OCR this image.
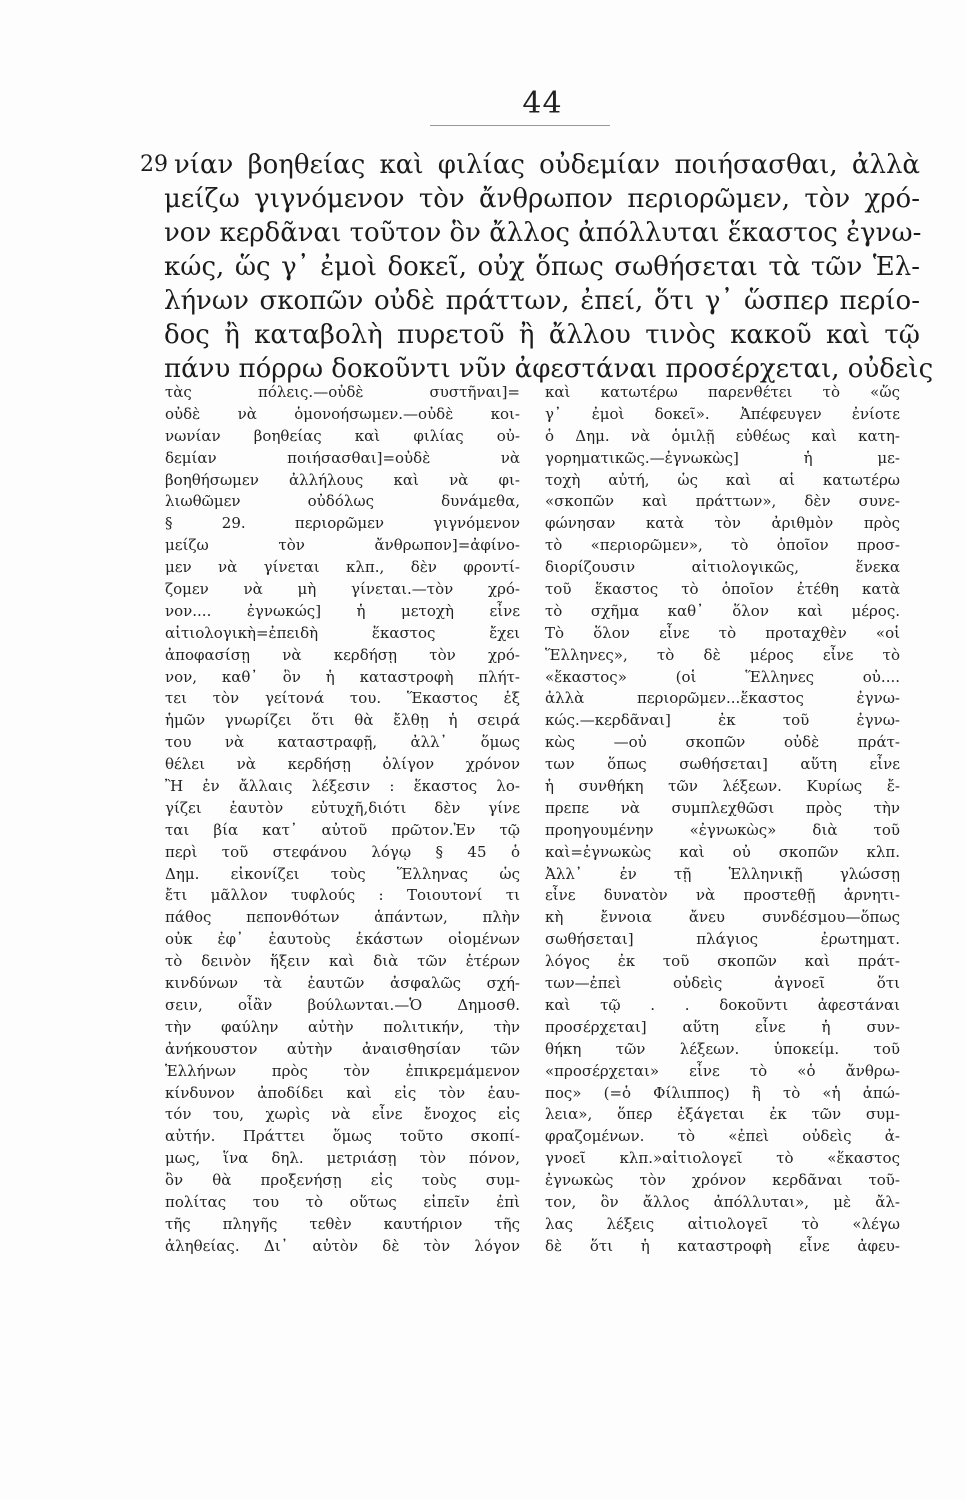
44
29 νίαν βοηθείας καὶ φιλίας οὐδεμίαν ποιήσασθαι, ἀλλὰ
μείζω γιγνόμενον τὸν ἄνθρωπον περιορῶμεν, τὸν χρό-
νον κερδᾶναι τοῦτον ὃν ἄλλος ἀπόλλυται ἕκαστος ἐγνω-
κώς, ὥς γ᾽ ἐμοὶ δοκεῖ, οὐχ ὅπως σωθήσεται τὰ τῶν Ἑλ-
λήνων σκοπῶν οὐδὲ πράττων, ἐπεί, ὅτι γ᾽ ὥσπερ περίο-
δος ἢ καταβολὴ πυρετοῦ ἢ ἄλλου τινὸς κακοῦ καὶ τῷ
πάνυ πόρρω δοκοῦντι νῦν ἀφεστάναι προσέρχεται, οὐδεὶς
τὰς πόλεις.—οὐδὲ συστῆναι]=
οὐδὲ νὰ ὁμονοήσωμεν.—οὐδὲ κοι-
νωνίαν βοηθείας καὶ φιλίας οὐ-
δεμίαν ποιήσασθαι]=οὐδὲ νὰ
βοηθήσωμεν ἀλλήλους καὶ νὰ φι-
λιωθῶμεν οὐδόλως δυνάμεθα,
§ 29. περιορῶμεν γιγνόμενον
μείζω τὸν ἄνθρωπον]=ἀφίνο-
μεν νὰ γίνεται κλπ., δὲν φροντί-
ζομεν νὰ μὴ γίνεται.—τὸν χρό-
νον.... ἐγνωκώς] ἡ μετοχὴ εἶνε
αἰτιολογικὴ=ἐπειδὴ ἕκαστος ἔχει
ἀποφασίσῃ νὰ κερδήσῃ τὸν χρό-
νον, καθ᾽ ὃν ἡ καταστροφὴ πλήτ-
τει τὸν γείτονά του. Ἕκαστος ἐξ
ἡμῶν γνωρίζει ὅτι θὰ ἔλθῃ ἡ σειρά
του νὰ καταστραφῇ, ἀλλ᾽ ὅμως
θέλει νὰ κερδήσῃ ὀλίγον χρόνον
Ἢ ἐν ἄλλαις λέξεσιν : ἕκαστος λο-
γίζει ἑαυτὸν εὐτυχῆ,διότι δὲν γίνε
ται βία κατ᾽ αὐτοῦ πρῶτον.Ἐν τῷ
περὶ τοῦ στεφάνου λόγῳ § 45 ὁ
Δημ. εἰκονίζει τοὺς Ἕλληνας ὡς
ἔτι μᾶλλον τυφλούς : Τοιουτονί τι
πάθος πεπονθότων ἁπάντων, πλὴν
οὐκ ἐφ᾽ ἑαυτοὺς ἑκάστων οἰομένων
τὸ δεινὸν ἥξειν καὶ διὰ τῶν ἑτέρων
κινδύνων τὰ ἑαυτῶν ἀσφαλῶς σχή-
σειν, οἶἂν βούλωνται.—Ὁ Δημοσθ.
τὴν φαύλην αὐτὴν πολιτικήν, τὴν
ἀνήκουστον αὐτὴν ἀναισθησίαν τῶν
Ἑλλήνων πρὸς τὸν ἐπικρεμάμενον
κίνδυνον ἀποδίδει καὶ εἰς τὸν ἑαυ-
τόν του, χωρὶς νὰ εἶνε ἔνοχος εἰς
αὐτήν. Πράττει ὅμως τοῦτο σκοπί-
μως, ἵνα δηλ. μετριάσῃ τὸν πόνον,
ὃν θὰ προξενήσῃ εἰς τοὺς συμ-
πολίτας του τὸ οὕτως εἰπεῖν ἐπὶ
τῆς πληγῆς τεθὲν καυτήριον τῆς
ἀληθείας. Δι᾽ αὐτὸν δὲ τὸν λόγον
καὶ κατωτέρω παρενθέτει τὸ «ὥς
γ᾽ ἐμοὶ δοκεῖ». Ἀπέφευγεν ἐνίοτε
ὁ Δημ. νὰ ὁμιλῇ εὐθέως καὶ κατη-
γορηματικῶς.—ἐγνωκὼς] ἡ με-
τοχὴ αὐτή, ὡς καὶ αἱ κατωτέρω
«σκοπῶν καὶ πράττων», δὲν συνε-
φώνησαν κατὰ τὸν ἀριθμὸν πρὸς
τὸ «περιορῶμεν», τὸ ὁποῖον προσ-
διορίζουσιν αἰτιολογικῶς, ἕνεκα
τοῦ ἕκαστος τὸ ὁποῖον ἐτέθη κατὰ
τὸ σχῆμα καθ᾽ ὅλον καὶ μέρος.
Τὸ ὅλον εἶνε τὸ προταχθὲν «οἱ
Ἕλληνες», τὸ δὲ μέρος εἶνε τὸ
«ἕκαστος» (οἱ Ἕλληνες οὐ....
ἀλλὰ περιορῶμεν...ἕκαστος ἐγνω-
κώς.—κερδᾶναι] ἐκ τοῦ ἐγνω-
κὼς —οὐ σκοπῶν οὐδὲ πράτ-
των ὅπως σωθήσεται] αὕτη εἶνε
ἡ συνθήκη τῶν λέξεων. Κυρίως ἔ-
πρεπε νὰ συμπλεχθῶσι πρὸς τὴν
προηγουμένην «ἐγνωκὼς» διὰ τοῦ
καὶ=ἐγνωκὼς καὶ οὐ σκοπῶν κλπ.
Ἀλλ᾽ ἐν τῇ Ἑλληνικῇ γλώσσῃ
εἶνε δυνατὸν νὰ προστεθῇ ἀρνητι-
κὴ ἔννοια ἄνευ συνδέσμου—ὅπως
σωθήσεται] πλάγιος ἐρωτηματ.
λόγος ἐκ τοῦ σκοπῶν καὶ πράτ-
των—ἐπεὶ οὐδεὶς ἀγνοεῖ ὅτι
καὶ τῷ . . δοκοῦντι ἀφεστάναι
προσέρχεται] αὕτη εἶνε ἡ συν-
θήκη τῶν λέξεων. ὑποκείμ. τοῦ
«προσέρχεται» εἶνε τὸ «ὁ ἄνθρω-
πος» (=ὁ Φίλιππος) ἢ τὸ «ἡ ἀπώ-
λεια», ὅπερ ἐξάγεται ἐκ τῶν συμ-
φραζομένων. τὸ «ἐπεὶ οὐδεὶς ἀ-
γνοεῖ κλπ.»αἰτιολογεῖ τὸ «ἕκαστος
ἐγνωκὼς τὸν χρόνον κερδᾶναι τοῦ-
τον, ὃν ἄλλος ἀπόλλυται», μὲ ἄλ-
λας λέξεις αἰτιολογεῖ τὸ «λέγω
δὲ ὅτι ἡ καταστροφὴ εἶνε ἀφευ-
